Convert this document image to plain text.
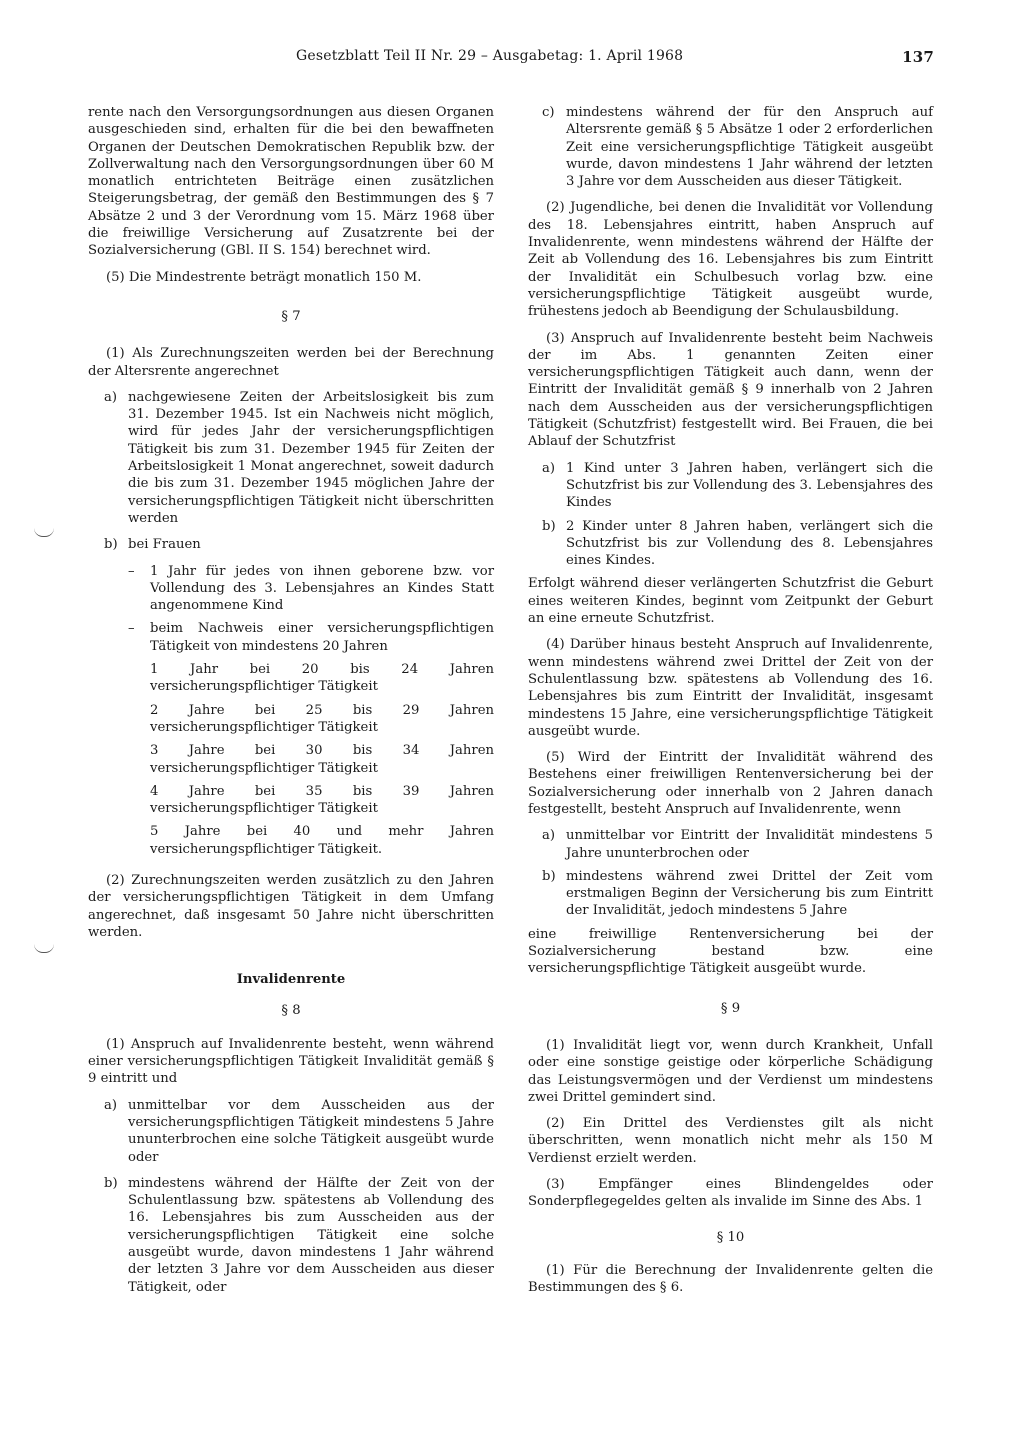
Gesetzblatt Teil II Nr. 29 – Ausgabetag: 1. April 1968	137

rente nach den Versorgungsordnungen aus diesen Organen ausgeschieden sind, erhalten für die bei den bewaffneten Organen der Deutschen Demokratischen Republik bzw. der Zollverwaltung nach den Versorgungsordnungen über 60 M monatlich entrichteten Beiträge einen zusätzlichen Steigerungsbetrag, der gemäß den Bestimmungen des § 7 Absätze 2 und 3 der Verordnung vom 15. März 1968 über die freiwillige Versicherung auf Zusatzrente bei der Sozialversicherung (GBl. II S. 154) berechnet wird.

(5) Die Mindestrente beträgt monatlich 150 M.

§ 7

(1) Als Zurechnungszeiten werden bei der Berechnung der Altersrente angerechnet

a) nachgewiesene Zeiten der Arbeitslosigkeit bis zum 31. Dezember 1945. Ist ein Nachweis nicht möglich, wird für jedes Jahr der versicherungspflichtigen Tätigkeit bis zum 31. Dezember 1945 für Zeiten der Arbeitslosigkeit 1 Monat angerechnet, soweit dadurch die bis zum 31. Dezember 1945 möglichen Jahre der versicherungspflichtigen Tätigkeit nicht überschritten werden
b) bei Frauen
–	1 Jahr für jedes von ihnen geborene bzw. vor Vollendung des 3. Lebensjahres an Kindes Statt angenommene Kind
–	beim Nachweis einer versicherungspflichtigen Tätigkeit von mindestens 20 Jahren
1 Jahr bei 20 bis 24 Jahren versicherungspflichtiger Tätigkeit
2 Jahre bei 25 bis 29 Jahren versicherungspflichtiger Tätigkeit
3 Jahre bei 30 bis 34 Jahren versicherungspflichtiger Tätigkeit
4 Jahre bei 35 bis 39 Jahren versicherungspflichtiger Tätigkeit
5 Jahre bei 40 und mehr Jahren versicherungspflichtiger Tätigkeit.

(2) Zurechnungszeiten werden zusätzlich zu den Jahren der versicherungspflichtigen Tätigkeit in dem Umfang angerechnet, daß insgesamt 50 Jahre nicht überschritten werden.

Invalidenrente
§ 8

(1) Anspruch auf Invalidenrente besteht, wenn während einer versicherungspflichtigen Tätigkeit Invalidität gemäß § 9 eintritt und

a) unmittelbar vor dem Ausscheiden aus der versicherungspflichtigen Tätigkeit mindestens 5 Jahre ununterbrochen eine solche Tätigkeit ausgeübt wurde oder
b) mindestens während der Hälfte der Zeit von der Schulentlassung bzw. spätestens ab Vollendung des 16. Lebensjahres bis zum Ausscheiden aus der versicherungspflichtigen Tätigkeit eine solche ausgeübt wurde, davon mindestens 1 Jahr während der letzten 3 Jahre vor dem Ausscheiden aus dieser Tätigkeit, oder
c) mindestens während der für den Anspruch auf Altersrente gemäß § 5 Absätze 1 oder 2 erforderlichen Zeit eine versicherungspflichtige Tätigkeit ausgeübt wurde, davon mindestens 1 Jahr während der letzten 3 Jahre vor dem Ausscheiden aus dieser Tätigkeit.

(2) Jugendliche, bei denen die Invalidität vor Vollendung des 18. Lebensjahres eintritt, haben Anspruch auf Invalidenrente, wenn mindestens während der Hälfte der Zeit ab Vollendung des 16. Lebensjahres bis zum Eintritt der Invalidität ein Schulbesuch vorlag bzw. eine versicherungspflichtige Tätigkeit ausgeübt wurde, frühestens jedoch ab Beendigung der Schulausbildung.

(3) Anspruch auf Invalidenrente besteht beim Nachweis der im Abs. 1 genannten Zeiten einer versicherungspflichtigen Tätigkeit auch dann, wenn der Eintritt der Invalidität gemäß § 9 innerhalb von 2 Jahren nach dem Ausscheiden aus der versicherungspflichtigen Tätigkeit (Schutzfrist) festgestellt wird. Bei Frauen, die bei Ablauf der Schutzfrist

a) 1 Kind unter 3 Jahren haben, verlängert sich die Schutzfrist bis zur Vollendung des 3. Lebensjahres des Kindes
b) 2 Kinder unter 8 Jahren haben, verlängert sich die Schutzfrist bis zur Vollendung des 8. Lebensjahres eines Kindes.

Erfolgt während dieser verlängerten Schutzfrist die Geburt eines weiteren Kindes, beginnt vom Zeitpunkt der Geburt an eine erneute Schutzfrist.

(4) Darüber hinaus besteht Anspruch auf Invalidenrente, wenn mindestens während zwei Drittel der Zeit von der Schulentlassung bzw. spätestens ab Vollendung des 16. Lebensjahres bis zum Eintritt der Invalidität, insgesamt mindestens 15 Jahre, eine versicherungspflichtige Tätigkeit ausgeübt wurde.

(5) Wird der Eintritt der Invalidität während des Bestehens einer freiwilligen Rentenversicherung bei der Sozialversicherung oder innerhalb von 2 Jahren danach festgestellt, besteht Anspruch auf Invalidenrente, wenn

a) unmittelbar vor Eintritt der Invalidität mindestens 5 Jahre ununterbrochen oder
b) mindestens während zwei Drittel der Zeit vom erstmaligen Beginn der Versicherung bis zum Eintritt der Invalidität, jedoch mindestens 5 Jahre

eine freiwillige Rentenversicherung bei der Sozialversicherung bestand bzw. eine versicherungspflichtige Tätigkeit ausgeübt wurde.

§ 9

(1) Invalidität liegt vor, wenn durch Krankheit, Unfall oder eine sonstige geistige oder körperliche Schädigung das Leistungsvermögen und der Verdienst um mindestens zwei Drittel gemindert sind.

(2) Ein Drittel des Verdienstes gilt als nicht überschritten, wenn monatlich nicht mehr als 150 M Verdienst erzielt werden.

(3) Empfänger eines Blindengeldes oder Sonderpflegegeldes gelten als invalide im Sinne des Abs. 1

§ 10

(1) Für die Berechnung der Invalidenrente gelten die Bestimmungen des § 6.
